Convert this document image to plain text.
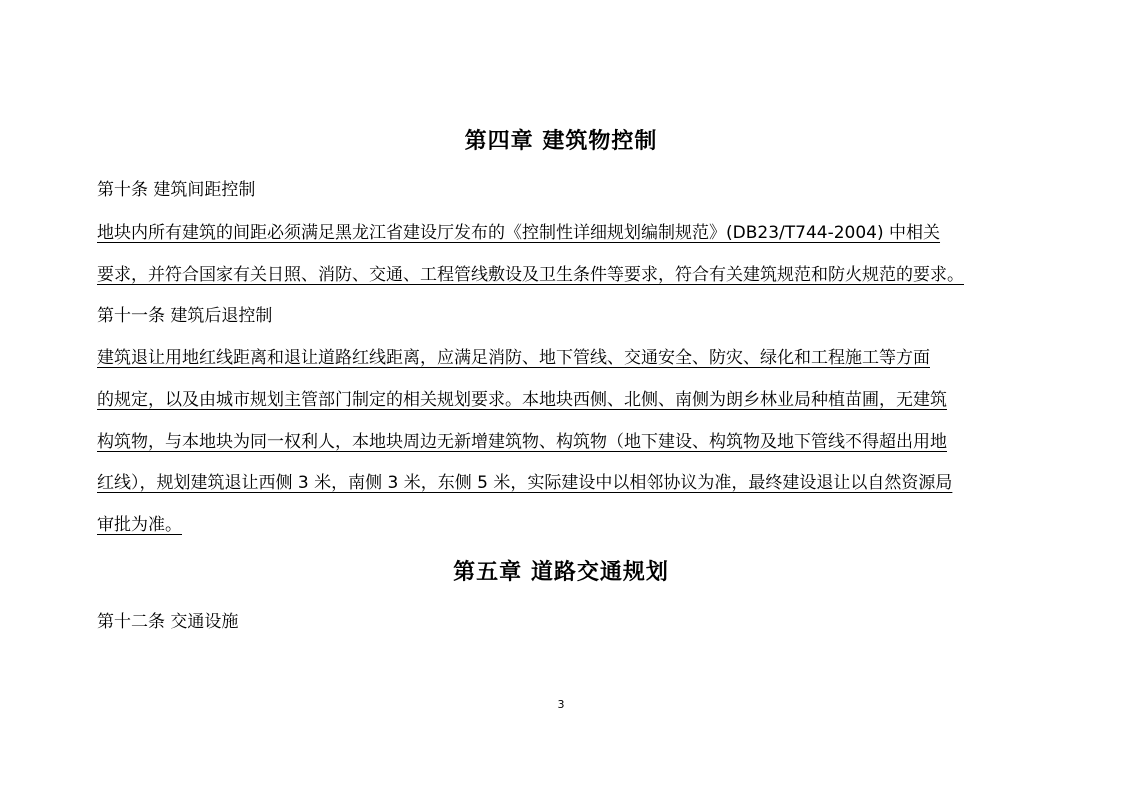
第四章 建筑物控制
第十条 建筑间距控制
地块内所有建筑的间距必须满足黑龙江省建设厅发布的《控制性详细规划编制规范》(DB23/T744-2004) 中相关
要求，并符合国家有关日照、消防、交通、工程管线敷设及卫生条件等要求，符合有关建筑规范和防火规范的要求。
第十一条 建筑后退控制
建筑退让用地红线距离和退让道路红线距离，应满足消防、地下管线、交通安全、防灾、绿化和工程施工等方面
的规定，以及由城市规划主管部门制定的相关规划要求。本地块西侧、北侧、南侧为朗乡林业局种植苗圃，无建筑
构筑物，与本地块为同一权利人，本地块周边无新增建筑物、构筑物（地下建设、构筑物及地下管线不得超出用地
红线），规划建筑退让西侧 3 米，南侧 3 米，东侧 5 米，实际建设中以相邻协议为准，最终建设退让以自然资源局
审批为准。
第五章 道路交通规划
第十二条 交通设施
3
